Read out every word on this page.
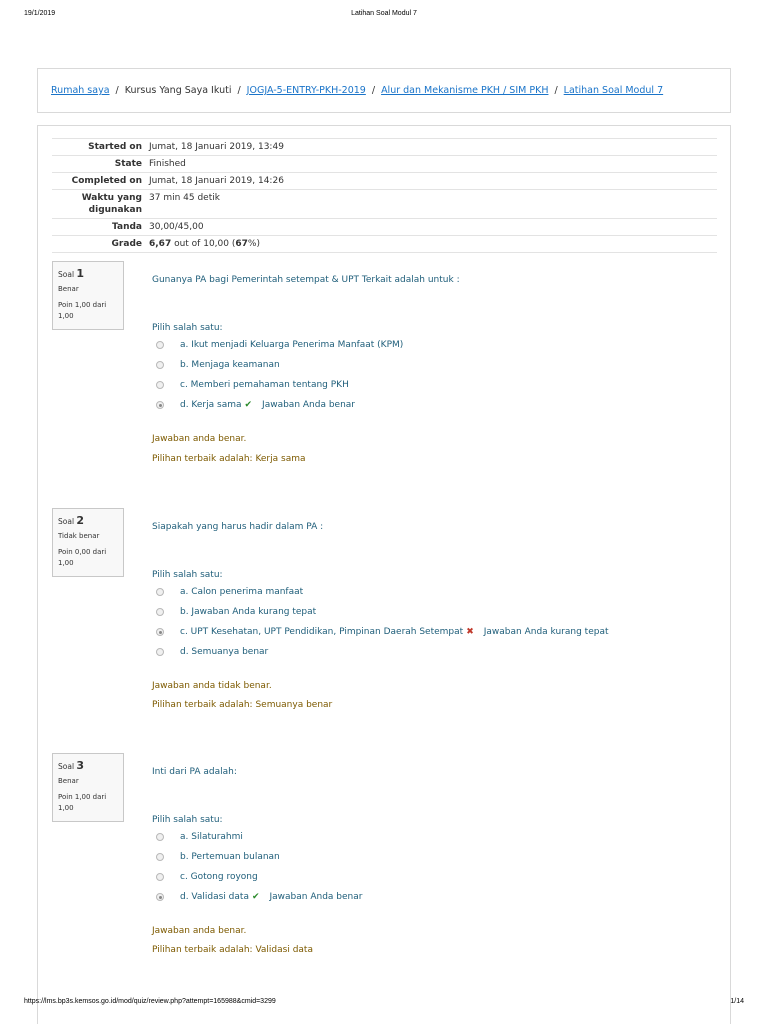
19/1/2019	Latihan Soal Modul 7
Rumah saya / Kursus Yang Saya Ikuti / JOGJA-5-ENTRY-PKH-2019 / Alur dan Mekanisme PKH / SIM PKH / Latihan Soal Modul 7
Started on	Jumat, 18 Januari 2019, 13:49
State	Finished
Completed on	Jumat, 18 Januari 2019, 14:26
Waktu yang digunakan	37 min 45 detik
Tanda	30,00/45,00
Grade	6,67 out of 10,00 (67%)
Soal 1
Benar
Poin 1,00 dari 1,00
Gunanya PA bagi Pemerintah setempat & UPT Terkait adalah untuk :
Pilih salah satu:
a. Ikut menjadi Keluarga Penerima Manfaat (KPM)
b. Menjaga keamanan
c. Memberi pemahaman tentang PKH
d. Kerja sama ✔ Jawaban Anda benar
Jawaban anda benar.
Pilihan terbaik adalah: Kerja sama
Soal 2
Tidak benar
Poin 0,00 dari 1,00
Siapakah yang harus hadir dalam PA :
Pilih salah satu:
a. Calon penerima manfaat
b. Jawaban Anda kurang tepat
c. UPT Kesehatan, UPT Pendidikan, Pimpinan Daerah Setempat ✖ Jawaban Anda kurang tepat
d. Semuanya benar
Jawaban anda tidak benar.
Pilihan terbaik adalah: Semuanya benar
Soal 3
Benar
Poin 1,00 dari 1,00
Inti dari PA adalah:
Pilih salah satu:
a. Silaturahmi
b. Pertemuan bulanan
c. Gotong royong
d. Validasi data ✔ Jawaban Anda benar
Jawaban anda benar.
Pilihan terbaik adalah: Validasi data
https://lms.bp3s.kemsos.go.id/mod/quiz/review.php?attempt=165988&cmid=3299	1/14
